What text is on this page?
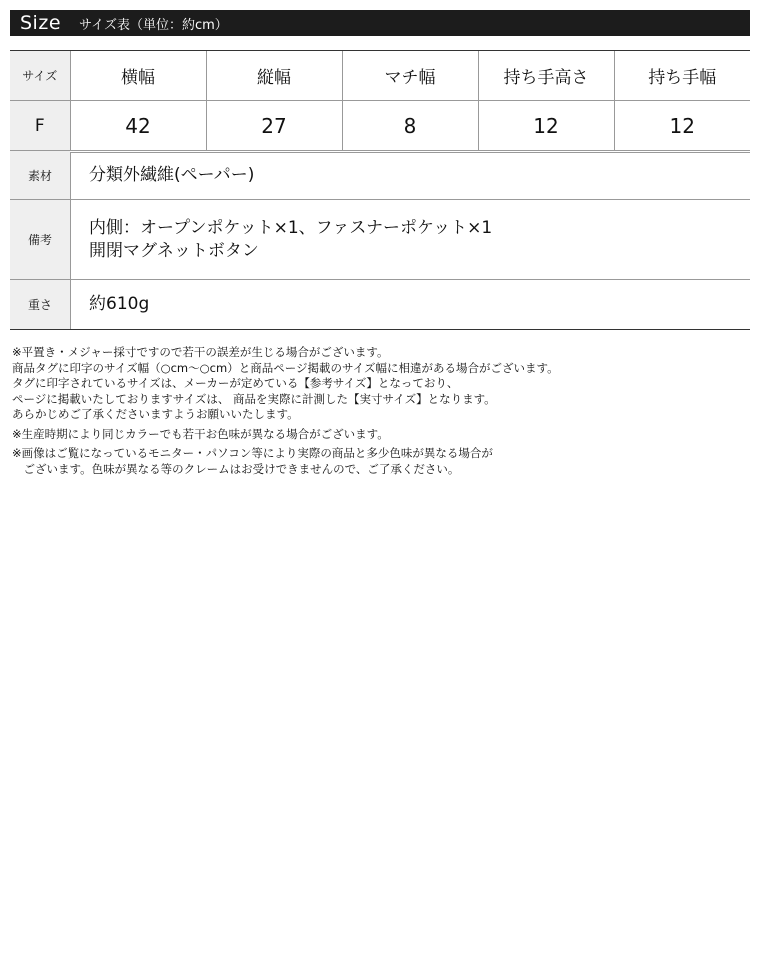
Size サイズ表（単位：約cm）
サイズ	横幅	縦幅	マチ幅	持ち手高さ	持ち手幅
F	42	27	8	12	12
素材	分類外繊維(ペーパー)
備考	内側：オープンポケット×1、ファスナーポケット×1
開閉マグネットボタン

重さ	約610g

※平置き・メジャー採寸ですので若干の誤差が生じる場合がございます。

商品タグに印字のサイズ幅（○cm〜○cm）と商品ページ掲載のサイズ幅に相違がある場合がございます。

タグに印字されているサイズは、メーカーが定めている【参考サイズ】となっており、

ページに掲載いたしておりますサイズは、 商品を実際に計測した【実寸サイズ】となります。

あらかじめご了承くださいますようお願いいたします。

※生産時期により同じカラーでも若干お色味が異なる場合がございます。

※画像はご覧になっているモニター・パソコン等により実際の商品と多少色味が異なる場合が

　ございます。色味が異なる等のクレームはお受けできませんので、ご了承ください。
